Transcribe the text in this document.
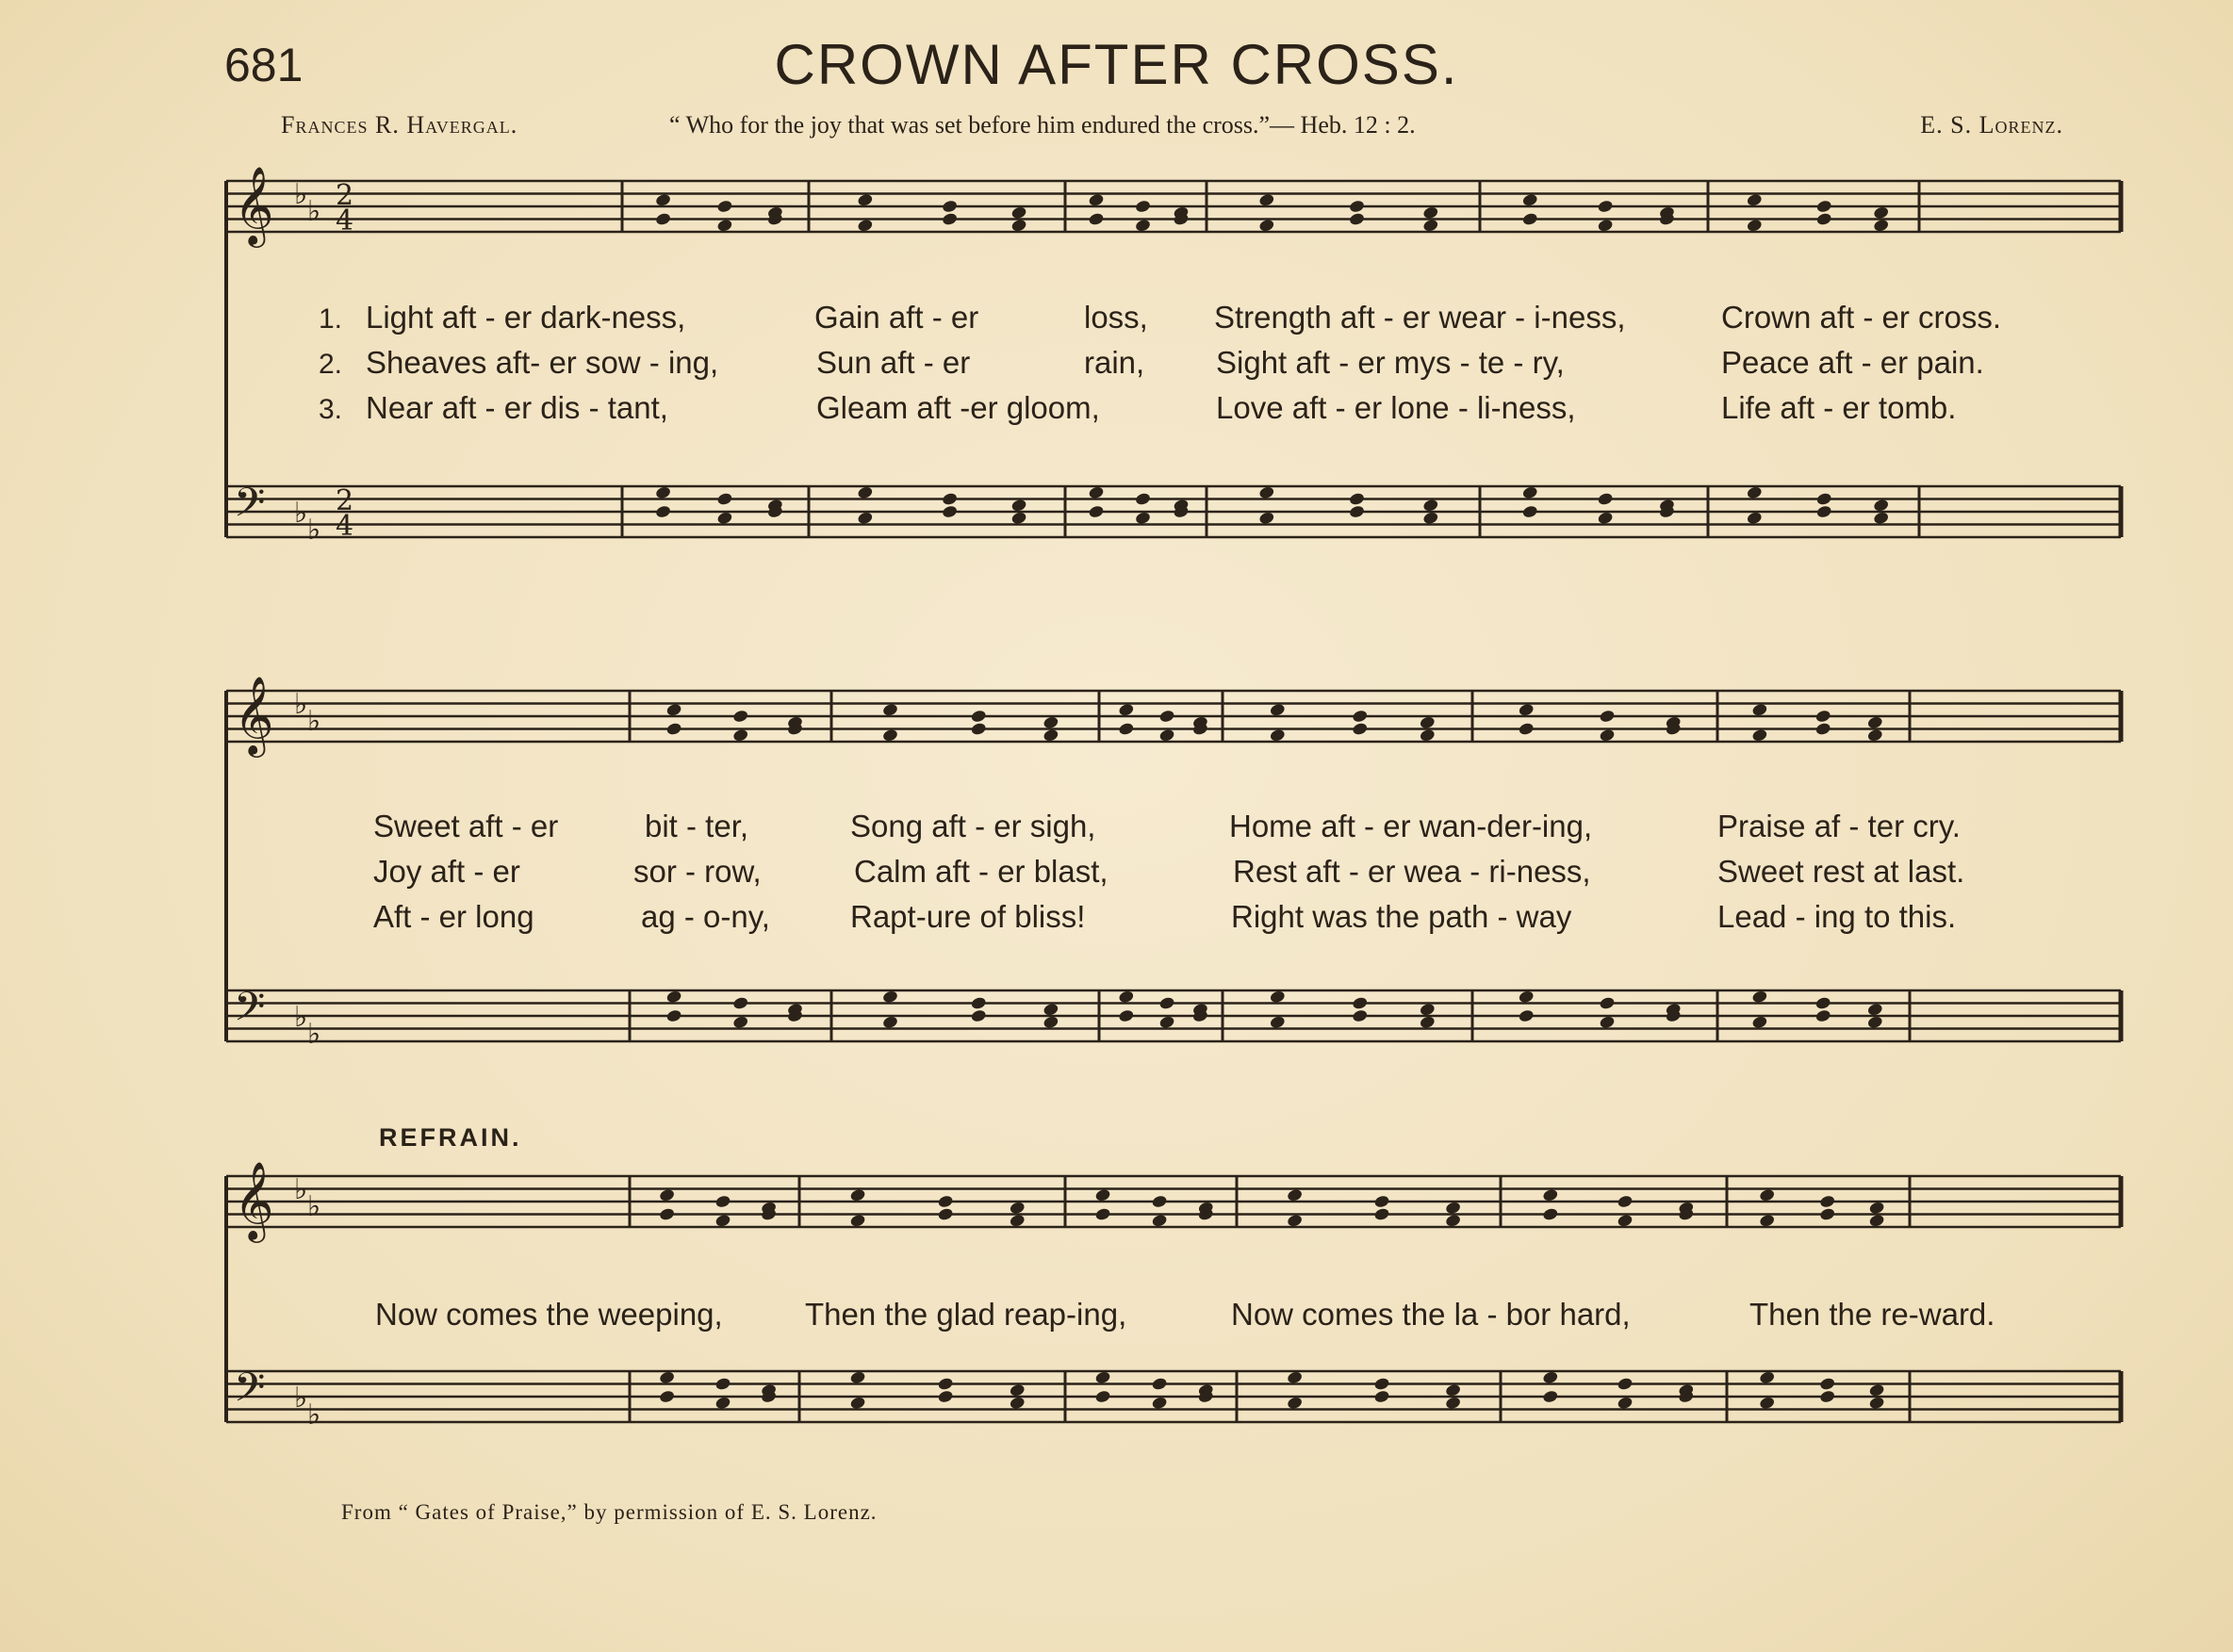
681	CROWN AFTER CROSS.
Frances R. Havergal.	“ Who for the joy that was set before him endured the cross.”— Heb. 12 : 2.	E. S. Lorenz.
𝄞
𝄢
♭
♭
♭
♭
2
4
2
4
𝄞
𝄢
♭
♭
♭
♭
𝄞
𝄢
♭
♭
♭
♭
1.
2.
3.
Light aft - er dark-ness,	Gain aft - er	loss, Strength aft - er wear - i-ness,	Crown aft - er cross.
Sheaves aft- er sow - ing,	Sun aft - er	rain, Sight aft - er mys - te - ry,	Peace aft - er pain.
Near aft - er dis - tant,	Gleam aft -er gloom,	Love aft - er lone - li-ness,	Life aft - er tomb.
Sweet aft - er	bit - ter,	Song aft - er sigh,	Home aft - er wan-der-ing,	Praise af - ter cry.
Joy aft - er	sor - row,	Calm aft - er blast,	Rest aft - er wea - ri-ness,	Sweet rest at last.
Aft - er long	ag - o-ny,	Rapt-ure of bliss!	Right was the path - way	Lead - ing to this.
REFRAIN.
Now comes the weeping,	Then the glad reap-ing,	Now comes the la - bor hard,	Then the re-ward.
From “ Gates of Praise,” by permission of E. S. Lorenz.
